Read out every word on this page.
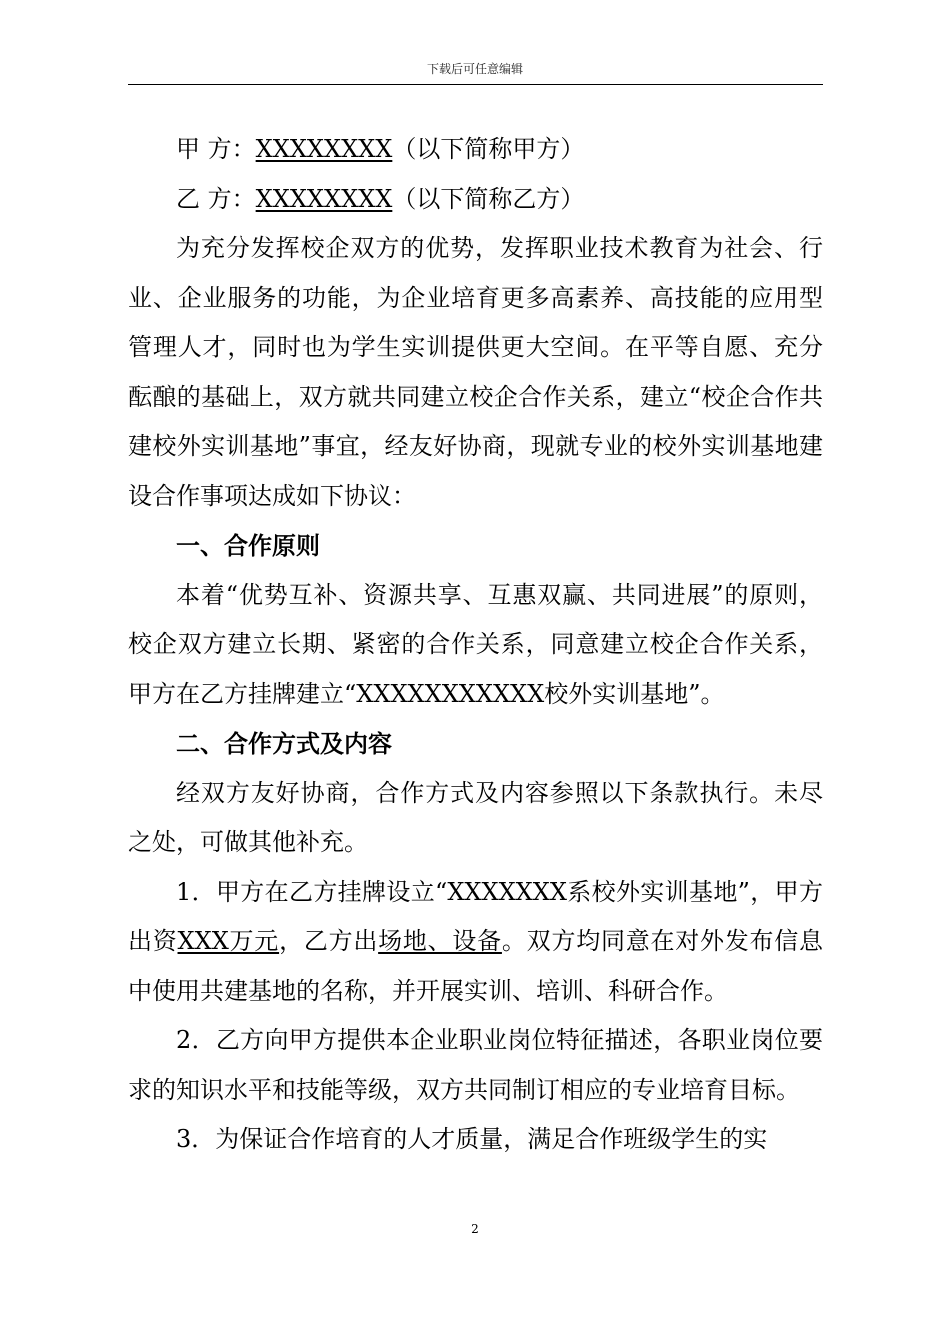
下载后可任意编辑

甲 方：XXXXXXXX（以下简称甲方）

乙 方：XXXXXXXX（以下简称乙方）

为充分发挥校企双方的优势，发挥职业技术教育为社会、行业、企业服务的功能，为企业培育更多高素养、高技能的应用型管理人才，同时也为学生实训提供更大空间。在平等自愿、充分酝酿的基础上，双方就共同建立校企合作关系，建立“校企合作共建校外实训基地”事宜，经友好协商，现就专业的校外实训基地建设合作事项达成如下协议：

一、合作原则

本着“优势互补、资源共享、互惠双赢、共同进展”的原则，校企双方建立长期、紧密的合作关系，同意建立校企合作关系，甲方在乙方挂牌建立“XXXXXXXXXXX校外实训基地”。

二、合作方式及内容

经双方友好协商，合作方式及内容参照以下条款执行。未尽之处，可做其他补充。

1．甲方在乙方挂牌设立“XXXXXXX系校外实训基地”，甲方出资XXX万元，乙方出场地、设备。双方均同意在对外发布信息中使用共建基地的名称，并开展实训、培训、科研合作。

2．乙方向甲方提供本企业职业岗位特征描述，各职业岗位要求的知识水平和技能等级，双方共同制订相应的专业培育目标。

3．为保证合作培育的人才质量，满足合作班级学生的实

2
